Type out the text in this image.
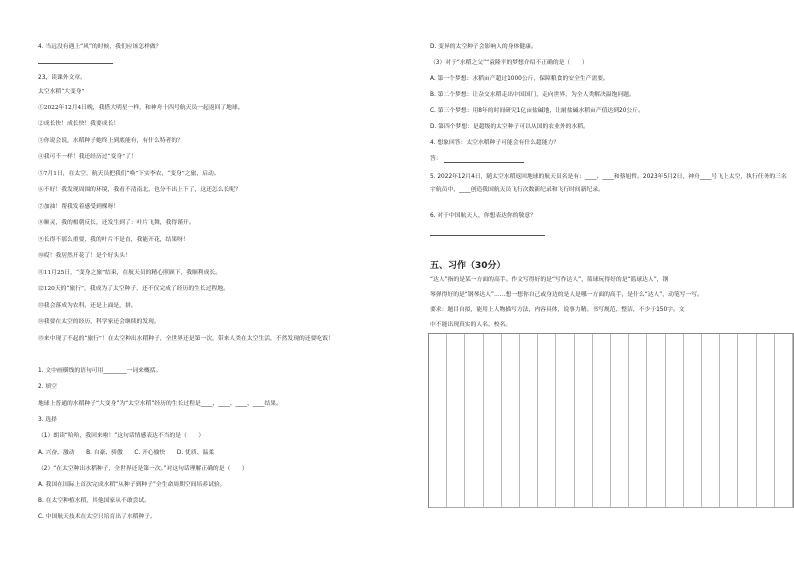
4. 当远没有遇上“风”的时候，我们应该怎样做？
23、读课外文章。
太空水稻“大变身”
①2022年12月4日晚，我搭大明星一样，和神舟十四号航天员一起返回了地球。
②成长快！成长快！我要成长！
③你说会说，水稻种子她终上到底能有，有什么特者的？
④我可不一样！我还经历过“变身”了！
⑤7月1日，在太空，航天员把我们“唤”下实李农，“变身”之旅，启动。
⑥不好！我发现周围的环境，我看不清南北，也分不出上下了，这还怎么长呢？
⑦加油！帮我发着感受到棵呀！
⑧顺灵，我的根朝反长，还发生到了：叶片飞舞，我得谨开。
⑨长得不那么重要，我的叶片不是直，我能开花，结果呀！
⑩哎！我居然开花了！是个好头头！
⑪11月25日，“变身之旅”结束，在航天员的精心照顾下，我顺利成长。
⑫120天的“旅行”，我成为了太空种子，还不仅完成了经历的生长过程地。
⑬我会落成为农科，还是上面是，拼。
⑭我要在太空的经历，科学家还会继续的发现。
⑮来中现了不起的“旅行”！在太空种出水稻种子，全世界还是第一次，带来人类在太空生活，不然发现的还要吃饭！
1. 文中画横线的语句可用________一词来概括。
2. 填空
地球上普通的水稻种子“大变身”为“太空水稻”经历的生长过程是____、____、____、____结果。
3. 选择
（1）朗读“哈哈，我回来啦！”这句话情感表达不当的是（　　）
A. 兴奋、激动　　B. 自豪、骄傲　　C. 开心愉快　　D. 优质、温柔
（2）“在太空种出水稻种子，全世界还是第一次。”对这句话理解正确的是（　　）
A. 我国在国际上首次完成水稻“从种子到种子”全生命周期空间培养试验。
B. 在太空种植水稻，其他国家从不敢尝试。
C. 中国航天技术在太空只培育出了水稻种子。
D. 变异的太空种子会影响人的身体健康。
（3）对于“水稻之父”“袁隆平的梦想介绍不正确的是（　　）
A. 第一个梦想：水稻亩产超过1000公斤，保障粮食的安全生产需要。
B. 第二个梦想：让杂交水稻走出中国国门，走向世界，为全人类解决温饱问题。
C. 第三个梦想：用8年的时间研究1亿亩盐碱地，让耐盐碱水稻亩产值达到20公斤。
D. 第四个梦想：是超级的太空种子可以从国的农业外的水稻。
4. 想象回答：太空水稻种子可能会有什么超能力？
答：
5. 2022年12月4日，随太空水稻返回地球的航天员名是有：____、____和蔡旭哲。2023年5月2日，神舟____号飞上太空，执行任务的三名宇航员中，____创造我国航天员飞行次数新纪录和飞行时间新纪录。
6. 对于中国航天人，你想表达你的敬意？
五、习作（30分）
“达人”指的是某一方面的高手。作文写得好的是“写作达人”，篮球玩得好的是“篮球达人”，钢
琴弹得好的是“钢琴达人”……想一想你自己或身边的是人是哪一方面的高手，是什么“达人”，动笔写一写。
要求：题目自拟，能用上人物描写方法，内容具体，说事力精。书写规范、整洁，不少于150字。文
中不能出现真实的人名、校名。
